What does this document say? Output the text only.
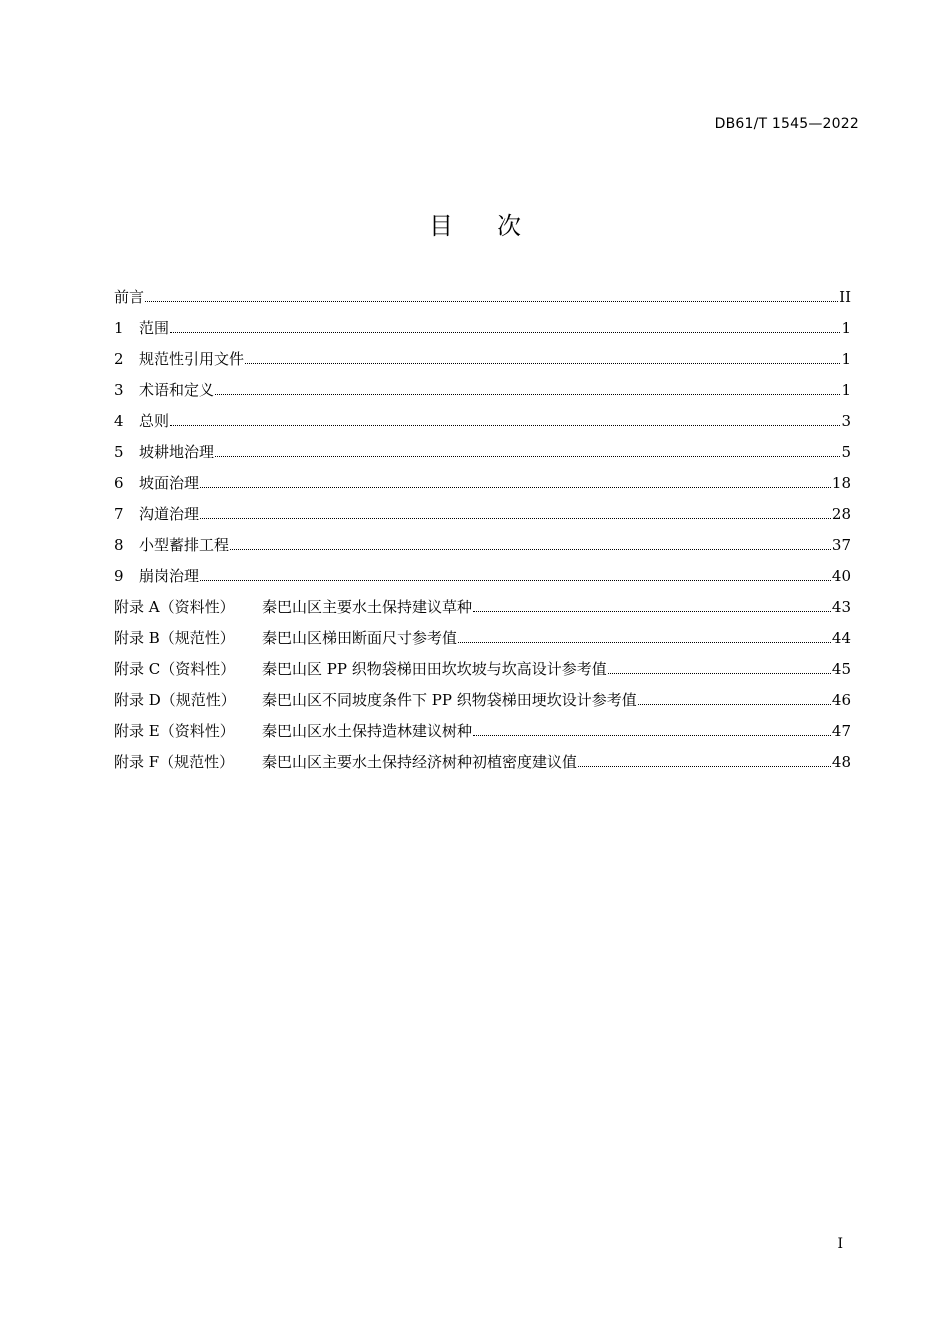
DB61/T 1545—2022
目次
前言	II
1	范围	1
2	规范性引用文件	1
3	术语和定义	1
4	总则	3
5	坡耕地治理	5
6	坡面治理	18
7	沟道治理	28
8	小型蓄排工程	37
9	崩岗治理	40
附录 A（资料性）	秦巴山区主要水土保持建议草种	43
附录 B（规范性）	秦巴山区梯田断面尺寸参考值	44
附录 C（资料性）	秦巴山区 PP 织物袋梯田田坎坎坡与坎高设计参考值	45
附录 D（规范性）	秦巴山区不同坡度条件下 PP 织物袋梯田埂坎设计参考值	46
附录 E（资料性）	秦巴山区水土保持造林建议树种	47
附录 F（规范性）	秦巴山区主要水土保持经济树种初植密度建议值	48
I
